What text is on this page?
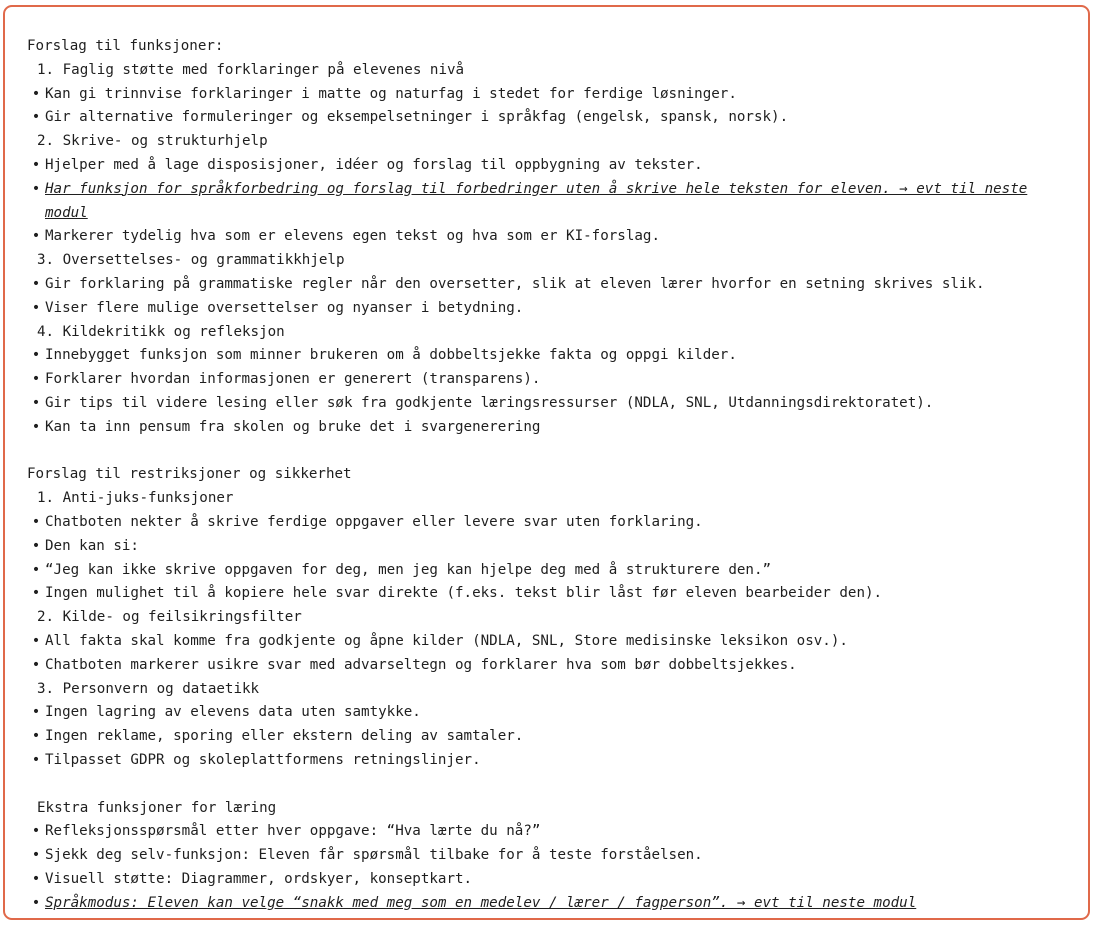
Forslag til funksjoner:
1. Faglig støtte med forklaringer på elevenes nivå
• Kan gi trinnvise forklaringer i matte og naturfag i stedet for ferdige løsninger.
• Gir alternative formuleringer og eksempelsetninger i språkfag (engelsk, spansk, norsk).
2. Skrive- og strukturhjelp
• Hjelper med å lage disposisjoner, idéer og forslag til oppbygning av tekster.
• Har funksjon for språkforbedring og forslag til forbedringer uten å skrive hele teksten for eleven. → evt til neste modul
• Markerer tydelig hva som er elevens egen tekst og hva som er KI-forslag.
3. Oversettelses- og grammatikkhjelp
• Gir forklaring på grammatiske regler når den oversetter, slik at eleven lærer hvorfor en setning skrives slik.
• Viser flere mulige oversettelser og nyanser i betydning.
4. Kildekritikk og refleksjon
• Innebygget funksjon som minner brukeren om å dobbeltsjekke fakta og oppgi kilder.
• Forklarer hvordan informasjonen er generert (transparens).
• Gir tips til videre lesing eller søk fra godkjente læringsressurser (NDLA, SNL, Utdanningsdirektoratet).
• Kan ta inn pensum fra skolen og bruke det i svargenerering
Forslag til restriksjoner og sikkerhet
1. Anti-juks-funksjoner
• Chatboten nekter å skrive ferdige oppgaver eller levere svar uten forklaring.
• Den kan si:
• “Jeg kan ikke skrive oppgaven for deg, men jeg kan hjelpe deg med å strukturere den.”
• Ingen mulighet til å kopiere hele svar direkte (f.eks. tekst blir låst før eleven bearbeider den).
2. Kilde- og feilsikringsfilter
• All fakta skal komme fra godkjente og åpne kilder (NDLA, SNL, Store medisinske leksikon osv.).
• Chatboten markerer usikre svar med advarseltegn og forklarer hva som bør dobbeltsjekkes.
3. Personvern og dataetikk
• Ingen lagring av elevens data uten samtykke.
• Ingen reklame, sporing eller ekstern deling av samtaler.
• Tilpasset GDPR og skoleplattformens retningslinjer.
Ekstra funksjoner for læring
• Refleksjonsspørsmål etter hver oppgave: “Hva lærte du nå?”
• Sjekk deg selv-funksjon: Eleven får spørsmål tilbake for å teste forståelsen.
• Visuell støtte: Diagrammer, ordskyer, konseptkart.
• Språkmodus: Eleven kan velge “snakk med meg som en medelev / lærer / fagperson”. → evt til neste modul
